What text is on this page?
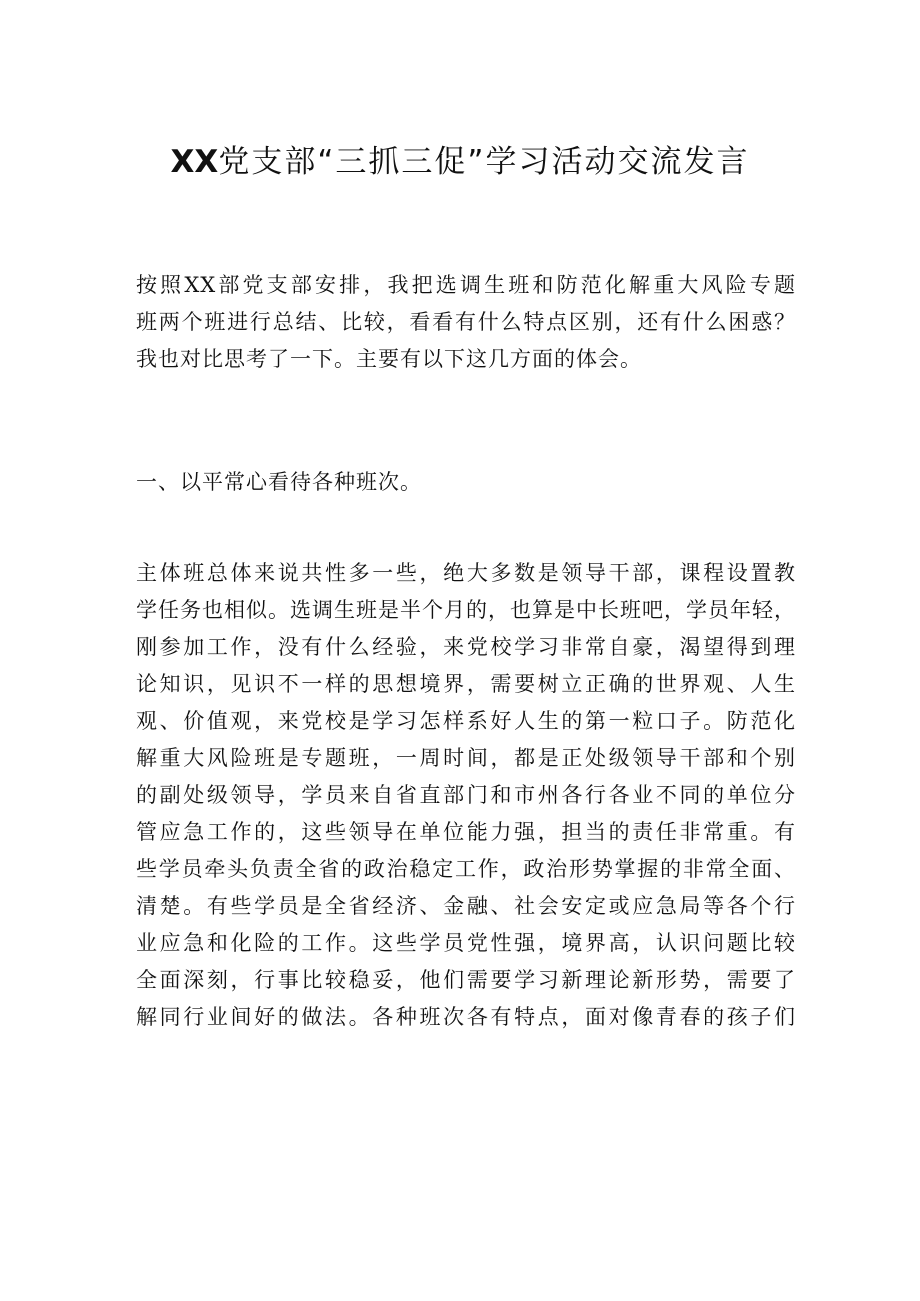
XX党支部“三抓三促”学习活动交流发言
按照XX部党支部安排，我把选调生班和防范化解重大风险专题
班两个班进行总结、比较，看看有什么特点区别，还有什么困惑？
我也对比思考了一下。主要有以下这几方面的体会。
一、以平常心看待各种班次。
主体班总体来说共性多一些，绝大多数是领导干部，课程设置教
学任务也相似。选调生班是半个月的，也算是中长班吧，学员年轻，
刚参加工作，没有什么经验，来党校学习非常自豪，渴望得到理
论知识，见识不一样的思想境界，需要树立正确的世界观、人生
观、价值观，来党校是学习怎样系好人生的第一粒口子。防范化
解重大风险班是专题班，一周时间，都是正处级领导干部和个别
的副处级领导，学员来自省直部门和市州各行各业不同的单位分
管应急工作的，这些领导在单位能力强，担当的责任非常重。有
些学员牵头负责全省的政治稳定工作，政治形势掌握的非常全面、
清楚。有些学员是全省经济、金融、社会安定或应急局等各个行
业应急和化险的工作。这些学员党性强，境界高，认识问题比较
全面深刻，行事比较稳妥，他们需要学习新理论新形势，需要了
解同行业间好的做法。各种班次各有特点，面对像青春的孩子们
